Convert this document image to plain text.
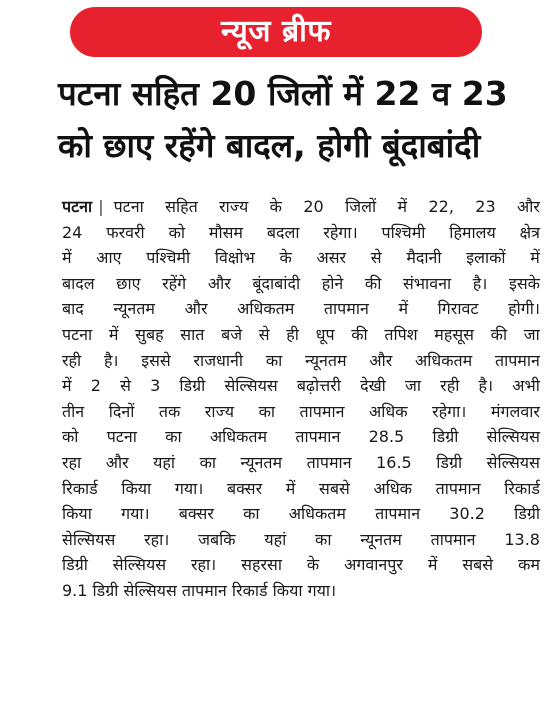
न्यूज ब्रीफ
पटना सहित 20 जिलों में 22 व 23
को छाए रहेंगे बादल, होगी बूंदाबांदी
पटना | पटना सहित राज्य के 20 जिलों में 22, 23 और
24 फरवरी को मौसम बदला रहेगा। पश्चिमी हिमालय क्षेत्र
में आए पश्चिमी विक्षोभ के असर से मैदानी इलाकों में
बादल छाए रहेंगे और बूंदाबांदी होने की संभावना है। इसके
बाद न्यूनतम और अधिकतम तापमान में गिरावट होगी।
पटना में सुबह सात बजे से ही धूप की तपिश महसूस की जा
रही है। इससे राजधानी का न्यूनतम और अधिकतम तापमान
में 2 से 3 डिग्री सेल्सियस बढ़ोत्तरी देखी जा रही है। अभी
तीन दिनों तक राज्य का तापमान अधिक रहेगा। मंगलवार
को पटना का अधिकतम तापमान 28.5 डिग्री सेल्सियस
रहा और यहां का न्यूनतम तापमान 16.5 डिग्री सेल्सियस
रिकार्ड किया गया। बक्सर में सबसे अधिक तापमान रिकार्ड
किया गया। बक्सर का अधिकतम तापमान 30.2 डिग्री
सेल्सियस रहा। जबकि यहां का न्यूनतम तापमान 13.8
डिग्री सेल्सियस रहा। सहरसा के अगवानपुर में सबसे कम
9.1 डिग्री सेल्सियस तापमान रिकार्ड किया गया।
